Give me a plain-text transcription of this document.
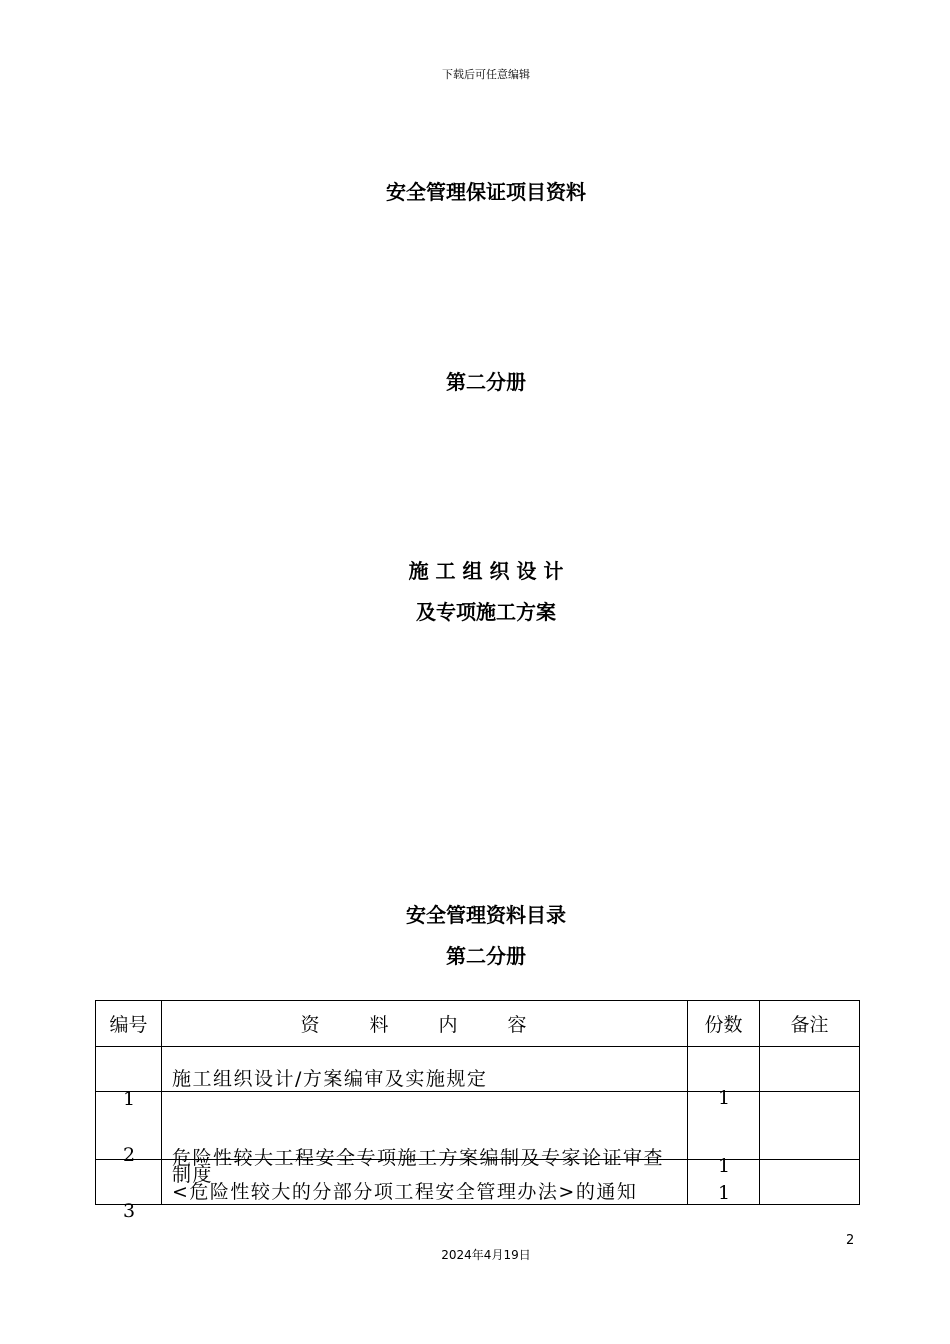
下载后可任意编辑
安全管理保证项目资料
第二分册
施 工 组 织 设 计
及专项施工方案
安全管理资料目录
第二分册
编号	资 料 内 容	份数	备注

1	施工组织设计/方案编审及实施规定	1	

2	危险性较大工程安全专项施工方案编制及专家论证审查制度	1	

3	<危险性较大的分部分项工程安全管理办法>的通知	1	

2
2024年4月19日
